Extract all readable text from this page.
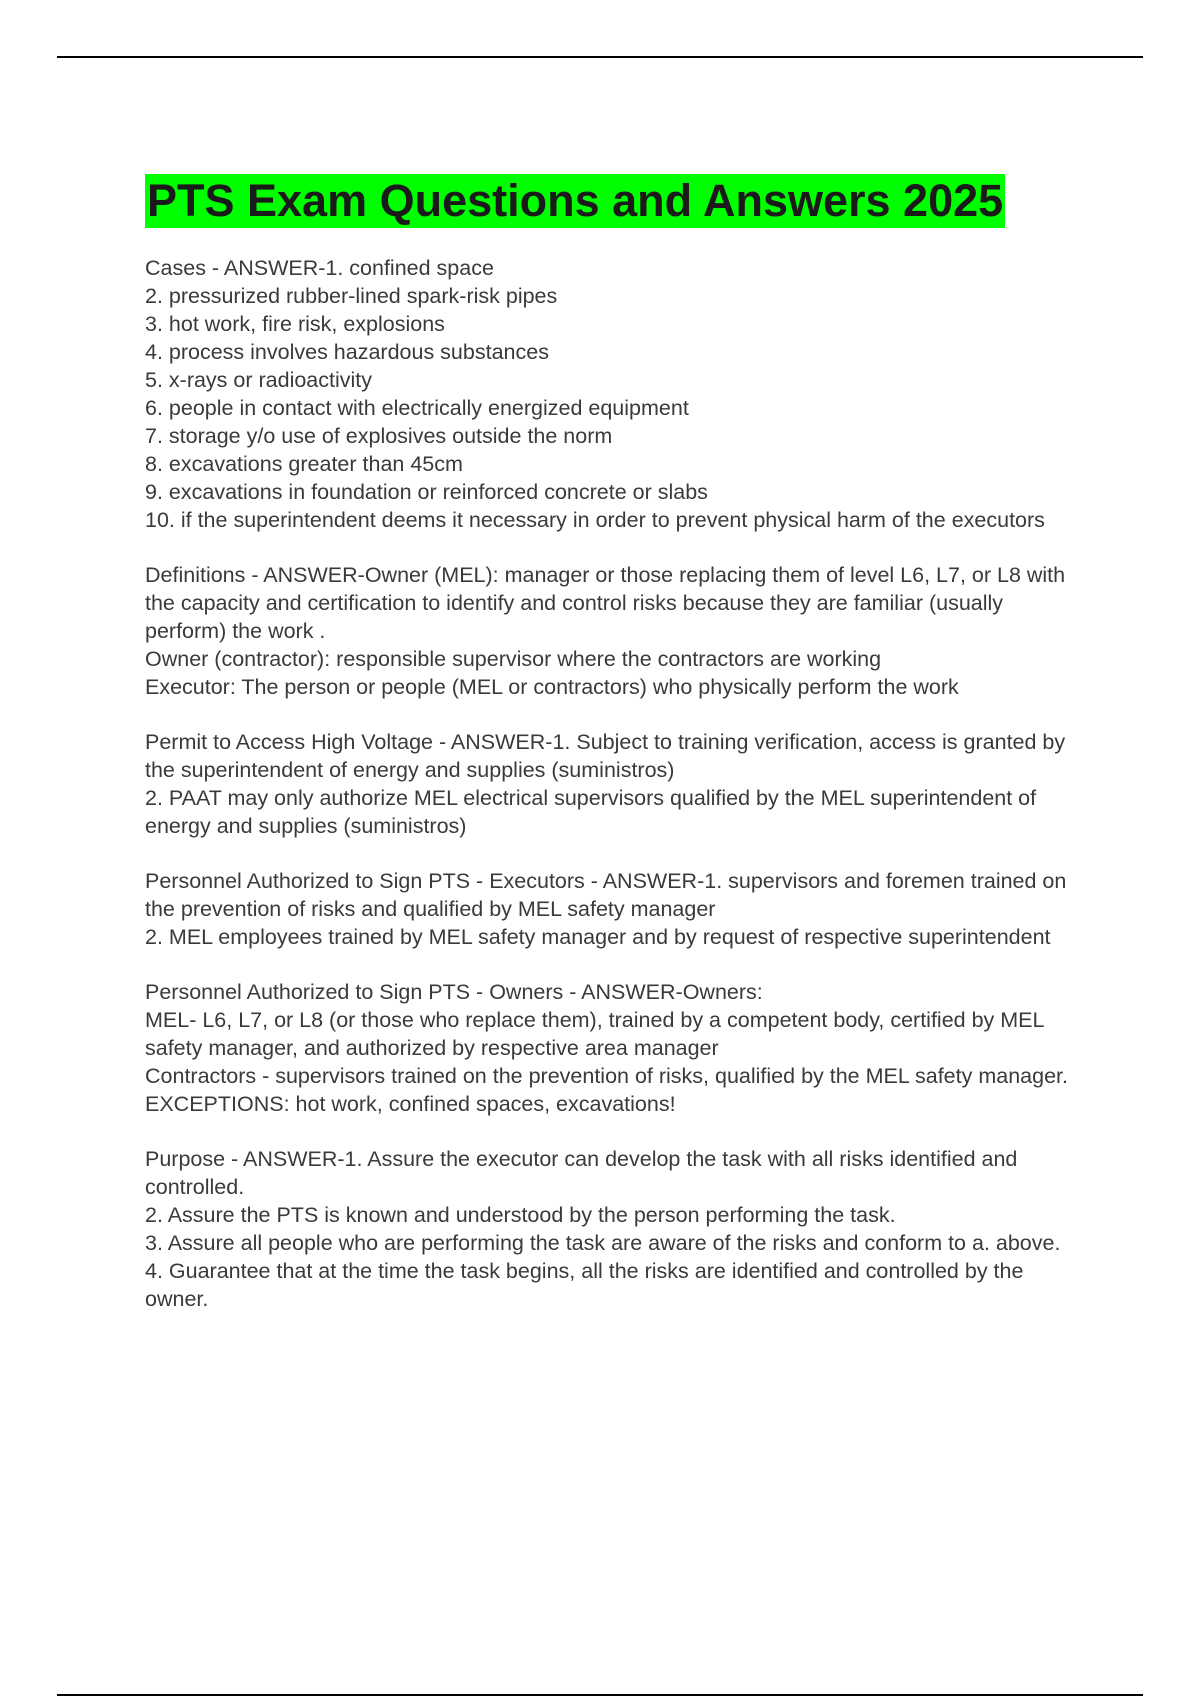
PTS Exam Questions and Answers 2025
Cases - ANSWER-1. confined space
2. pressurized rubber-lined spark-risk pipes
3. hot work, fire risk, explosions
4. process involves hazardous substances
5. x-rays or radioactivity
6. people in contact with electrically energized equipment
7. storage y/o use of explosives outside the norm
8. excavations greater than 45cm
9. excavations in foundation or reinforced concrete or slabs
10. if the superintendent deems it necessary in order to prevent physical harm of the executors
Definitions - ANSWER-Owner (MEL): manager or those replacing them of level L6, L7, or L8 with the capacity and certification to identify and control risks because they are familiar (usually perform) the work .
Owner (contractor): responsible supervisor where the contractors are working
Executor: The person or people (MEL or contractors) who physically perform the work
Permit to Access High Voltage - ANSWER-1. Subject to training verification, access is granted by the superintendent of energy and supplies (suministros)
2. PAAT may only authorize MEL electrical supervisors qualified by the MEL superintendent of energy and supplies (suministros)
Personnel Authorized to Sign PTS - Executors - ANSWER-1. supervisors and foremen trained on the prevention of risks and qualified by MEL safety manager
2. MEL employees trained by MEL safety manager and by request of respective superintendent
Personnel Authorized to Sign PTS - Owners - ANSWER-Owners:
MEL- L6, L7, or L8 (or those who replace them), trained by a competent body, certified by MEL safety manager, and authorized by respective area manager
Contractors - supervisors trained on the prevention of risks, qualified by the MEL safety manager.
EXCEPTIONS: hot work, confined spaces, excavations!
Purpose - ANSWER-1. Assure the executor can develop the task with all risks identified and controlled.
2. Assure the PTS is known and understood by the person performing the task.
3. Assure all people who are performing the task are aware of the risks and conform to a. above.
4. Guarantee that at the time the task begins, all the risks are identified and controlled by the owner.
